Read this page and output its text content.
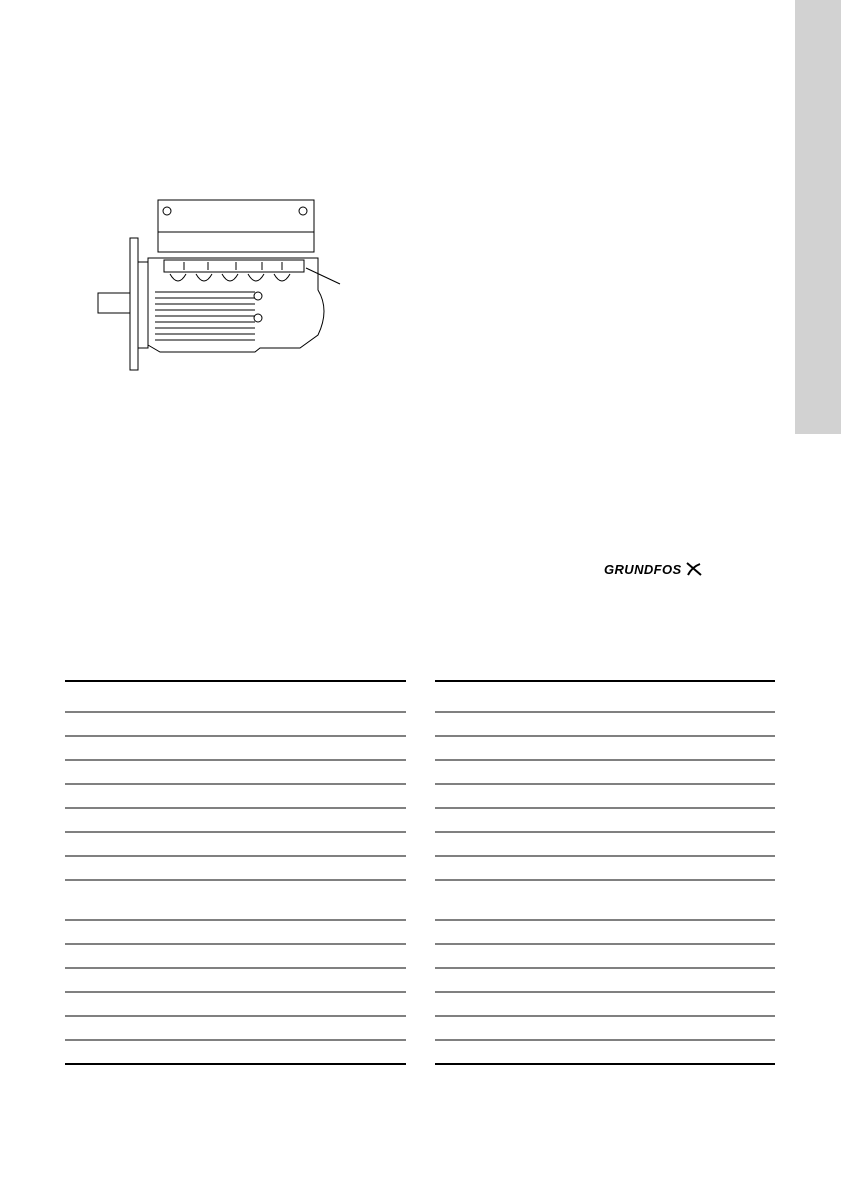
GRUNDFOS
